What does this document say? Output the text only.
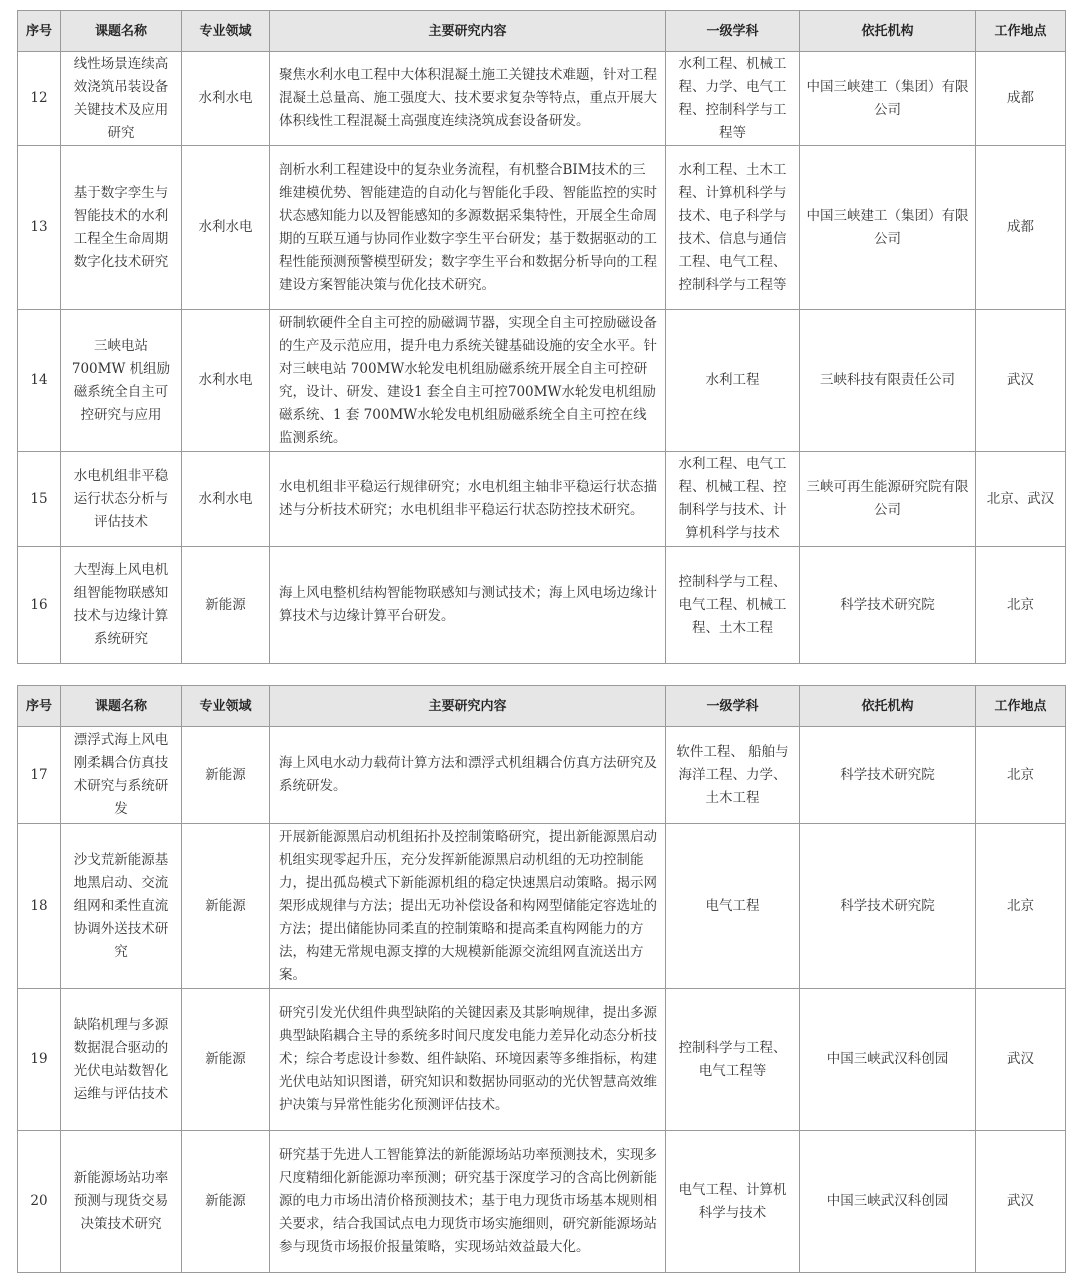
序号	课题名称	专业领域	主要研究内容	一级学科	依托机构	工作地点
12	线性场景连续高效浇筑吊装设备关键技术及应用研究	水利水电	聚焦水利水电工程中大体积混凝土施工关键技术难题，针对工程混凝土总量高、施工强度大、技术要求复杂等特点，重点开展大体积线性工程混凝土高强度连续浇筑成套设备研发。	水利工程、机械工程、力学、电气工程、控制科学与工程等	中国三峡建工（集团）有限公司	成都
13	基于数字孪生与智能技术的水利工程全生命周期数字化技术研究	水利水电	剖析水利工程建设中的复杂业务流程，有机整合BIM技术的三维建模优势、智能建造的自动化与智能化手段、智能监控的实时状态感知能力以及智能感知的多源数据采集特性，开展全生命周期的互联互通与协同作业数字孪生平台研发；基于数据驱动的工程性能预测预警模型研发；数字孪生平台和数据分析导向的工程建设方案智能决策与优化技术研究。	水利工程、土木工程、计算机科学与技术、电子科学与技术、信息与通信工程、电气工程、控制科学与工程等	中国三峡建工（集团）有限公司	成都
14	三峡电站 700MW 机组励磁系统全自主可控研究与应用	水利水电	研制软硬件全自主可控的励磁调节器，实现全自主可控励磁设备的生产及示范应用，提升电力系统关键基础设施的安全水平。针对三峡电站 700MW水轮发电机组励磁系统开展全自主可控研究，设计、研发、建设1 套全自主可控700MW水轮发电机组励磁系统、1 套 700MW水轮发电机组励磁系统全自主可控在线监测系统。	水利工程	三峡科技有限责任公司	武汉
15	水电机组非平稳运行状态分析与评估技术	水利水电	水电机组非平稳运行规律研究；水电机组主轴非平稳运行状态描述与分析技术研究；水电机组非平稳运行状态防控技术研究。	水利工程、电气工程、机械工程、控制科学与技术、计算机科学与技术	三峡可再生能源研究院有限公司	北京、武汉
16	大型海上风电机组智能物联感知技术与边缘计算系统研究	新能源	海上风电整机结构智能物联感知与测试技术；海上风电场边缘计算技术与边缘计算平台研发。	控制科学与工程、电气工程、机械工程、土木工程	科学技术研究院	北京
序号	课题名称	专业领域	主要研究内容	一级学科	依托机构	工作地点
17	漂浮式海上风电刚柔耦合仿真技术研究与系统研发	新能源	海上风电水动力载荷计算方法和漂浮式机组耦合仿真方法研究及系统研发。	软件工程、 船舶与海洋工程、力学、土木工程	科学技术研究院	北京
18	沙戈荒新能源基地黑启动、交流组网和柔性直流协调外送技术研究	新能源	开展新能源黑启动机组拓扑及控制策略研究，提出新能源黑启动机组实现零起升压，充分发挥新能源黑启动机组的无功控制能力，提出孤岛模式下新能源机组的稳定快速黑启动策略。揭示网架形成规律与方法；提出无功补偿设备和构网型储能定容选址的方法；提出储能协同柔直的控制策略和提高柔直构网能力的方法，构建无常规电源支撑的大规模新能源交流组网直流送出方案。	电气工程	科学技术研究院	北京
19	缺陷机理与多源数据混合驱动的光伏电站数智化运维与评估技术	新能源	研究引发光伏组件典型缺陷的关键因素及其影响规律，提出多源典型缺陷耦合主导的系统多时间尺度发电能力差异化动态分析技术；综合考虑设计参数、组件缺陷、环境因素等多维指标，构建光伏电站知识图谱，研究知识和数据协同驱动的光伏智慧高效维护决策与异常性能劣化预测评估技术。	控制科学与工程、电气工程等	中国三峡武汉科创园	武汉
20	新能源场站功率预测与现货交易决策技术研究	新能源	研究基于先进人工智能算法的新能源场站功率预测技术，实现多尺度精细化新能源功率预测；研究基于深度学习的含高比例新能源的电力市场出清价格预测技术；基于电力现货市场基本规则相关要求，结合我国试点电力现货市场实施细则，研究新能源场站参与现货市场报价报量策略，实现场站效益最大化。	电气工程、计算机科学与技术	中国三峡武汉科创园	武汉
